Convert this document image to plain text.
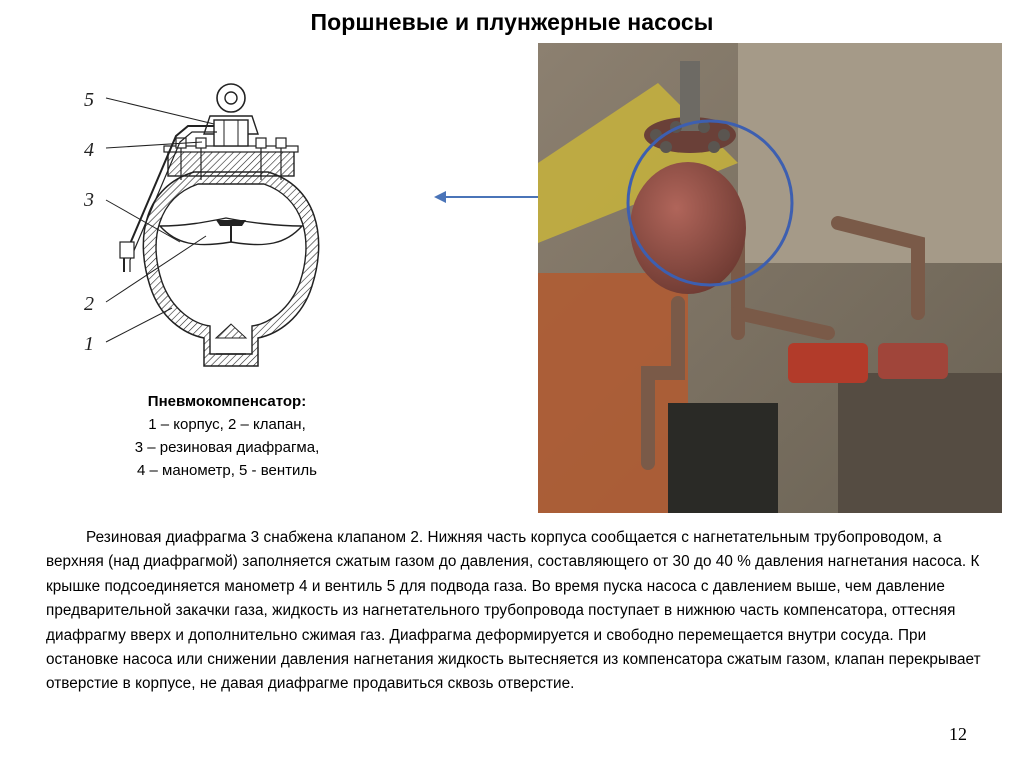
Поршневые и плунжерные насосы
5
4
3
2
1
Пневмокомпенсатор:
1 – корпус, 2 – клапан,
3 – резиновая диафрагма,
4 – манометр, 5 - вентиль

Резиновая диафрагма 3 снабжена клапаном 2. Нижняя часть корпуса сообщается с нагнетательным трубопроводом, а верхняя (над диафрагмой) заполняется сжатым газом до давления, составляющего от 30 до 40 % давления нагнетания насоса. К крышке подсоединяется манометр 4 и вентиль 5 для подвода газа. Во время пуска насоса с давлением выше, чем давление предварительной закачки газа, жидкость из нагнетательного трубопровода поступает в нижнюю часть компенсатора, оттесняя диафрагму вверх и дополнительно сжимая газ. Диафрагма деформируется и свободно перемещается внутри сосуда. При остановке насоса или снижении давления нагнетания жидкость вытесняется из компенсатора сжатым газом, клапан перекрывает отверстие в корпусе, не давая диафрагме продавиться сквозь отверстие.

12
